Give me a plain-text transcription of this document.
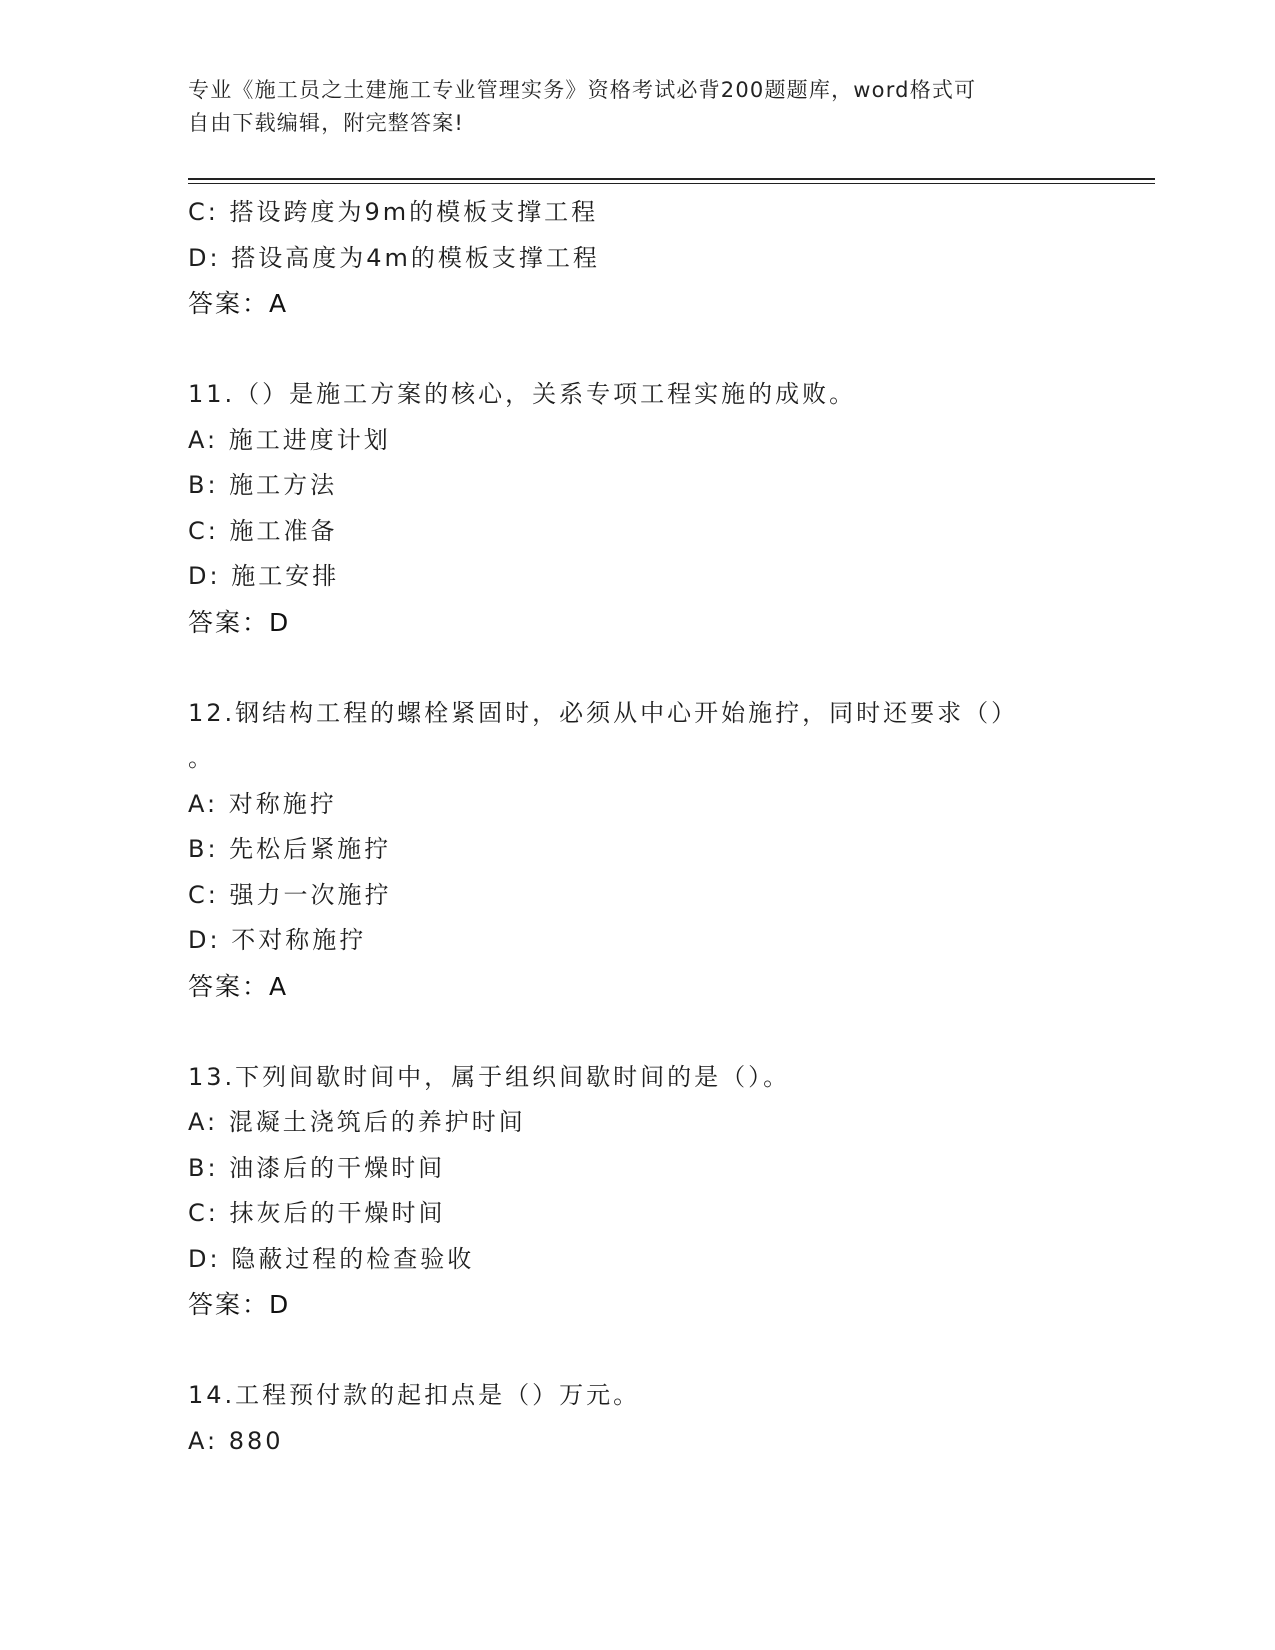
专业《施工员之土建施工专业管理实务》资格考试必背200题题库，word格式可
自由下载编辑，附完整答案!
C: 搭设跨度为9m的模板支撑工程
D: 搭设高度为4m的模板支撑工程
答案：A
11.（）是施工方案的核心，关系专项工程实施的成败。
A: 施工进度计划
B: 施工方法
C: 施工准备
D: 施工安排
答案：D
12.钢结构工程的螺栓紧固时，必须从中心开始施拧，同时还要求（）
。
A: 对称施拧
B: 先松后紧施拧
C: 强力一次施拧
D: 不对称施拧
答案：A
13.下列间歇时间中，属于组织间歇时间的是（）。
A: 混凝土浇筑后的养护时间
B: 油漆后的干燥时间
C: 抹灰后的干燥时间
D: 隐蔽过程的检查验收
答案：D
14.工程预付款的起扣点是（）万元。
A: 880
